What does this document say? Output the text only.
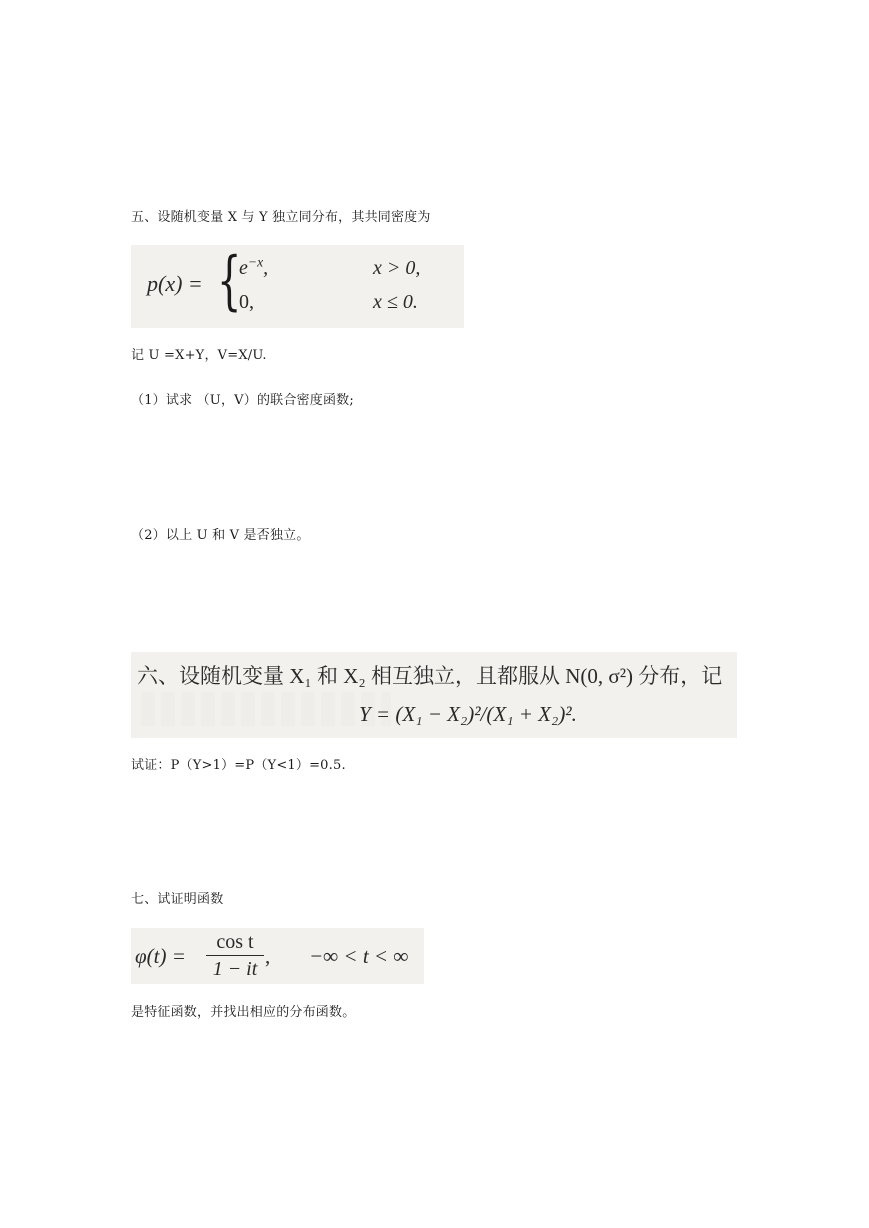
五、设随机变量 X 与 Y 独立同分布，其共同密度为
p(x) = {
$e^{-x}$,	x > 0,
0,	x ≤ 0.
记 U =X+Y，V=X/U.
（1）试求 （U，V）的联合密度函数;
（2）以上 U 和 V 是否独立。
六、设随机变量 X₁ 和 X₂ 相互独立，且都服从 N(0, σ²) 分布，记
Y = (X₁ − X₂)²/(X₁ + X₂)².
试证：P（Y>1）=P（Y<1）=0.5.
七、试证明函数
$\varphi(t) = \frac{\text{cos t}}{1 - it}$ , −∞ < t < ∞
是特征函数，并找出相应的分布函数。
